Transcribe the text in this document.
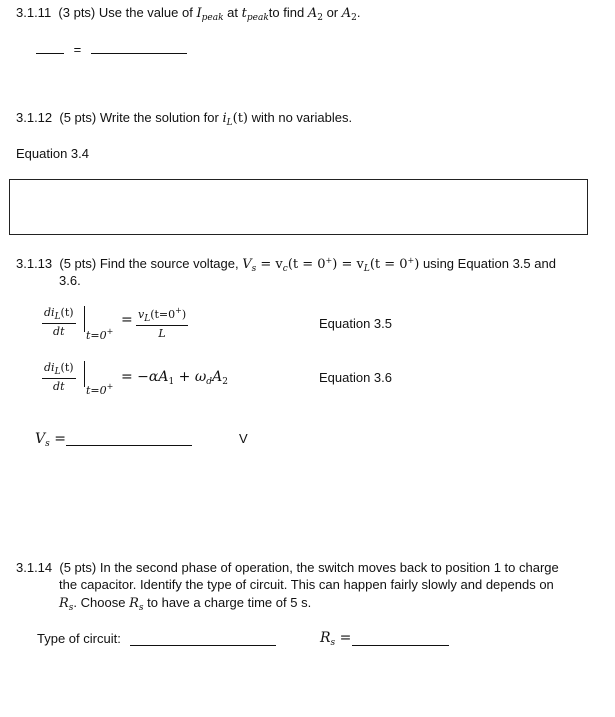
3.1.11 (3 pts) Use the value of $I_{peak}$ at $t_{peak}to$ find $A_2$ or $A_2$.
=
3.1.12 (5 pts) Write the solution for $i_L(t)$ with no variables.
Equation 3.4
3.1.13 (5 pts) Find the source voltage, $V_s = v_c(t = 0^+) = v_L(t = 0^+)$ using Equation 3.5 and
3.6.
$di_L(t)$
dt	t=0+
= $\frac{v_L(t=0^+)}{L}$	Equation 3.5
$di_L(t)$
dt	t=0+
= $-\alpha A_1 + \omega_dA_2$	Equation 3.6
$V_s$ =	V
3.1.14 (5 pts) In the second phase of operation, the switch moves back to position 1 to charge
the capacitor. Identify the type of circuit. This can happen fairly slowly and depends on
$R_s$. Choose $R_s$ to have a charge time of 5 s.
Type of circuit:	$R_s$ =
